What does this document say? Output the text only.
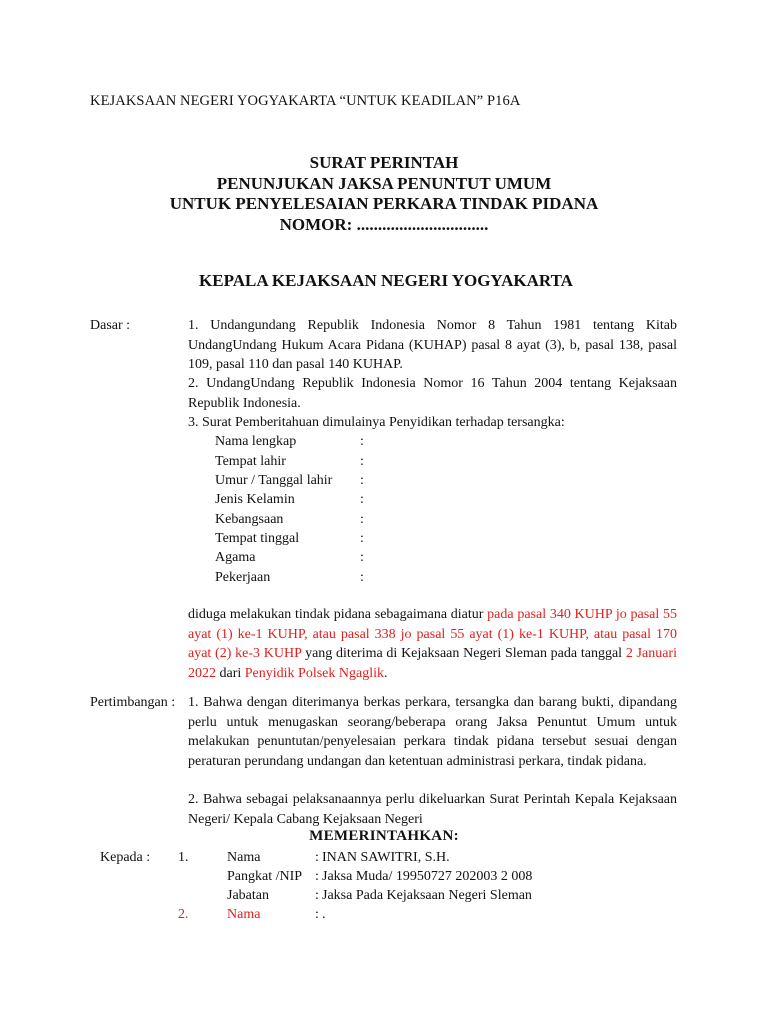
KEJAKSAAN NEGERI YOGYAKARTA “UNTUK KEADILAN” P16A
SURAT PERINTAH
PENUNJUKAN JAKSA PENUNTUT UMUM
UNTUK PENYELESAIAN PERKARA TINDAK PIDANA
NOMOR: ...............................
KEPALA KEJAKSAAN NEGERI YOGYAKARTA
Dasar :	1. Undangundang Republik Indonesia Nomor 8 Tahun 1981 tentang Kitab UndangUndang Hukum Acara Pidana (KUHAP) pasal 8 ayat (3), b, pasal 138, pasal 109, pasal 110 dan pasal 140 KUHAP.
2. UndangUndang Republik Indonesia Nomor 16 Tahun 2004 tentang Kejaksaan Republik Indonesia.
3. Surat Pemberitahuan dimulainya Penyidikan terhadap tersangka:
Nama lengkap	:
Tempat lahir	:
Umur / Tanggal lahir :
Jenis Kelamin	:
Kebangsaan	:
Tempat tinggal	:
Agama	:
Pekerjaan	:
diduga melakukan tindak pidana sebagaimana diatur pada pasal 340 KUHP jo pasal 55 ayat (1) ke-1 KUHP, atau pasal 338 jo pasal 55 ayat (1) ke-1 KUHP, atau pasal 170 ayat (2) ke-3 KUHP yang diterima di Kejaksaan Negeri Sleman pada tanggal 2 Januari 2022 dari Penyidik Polsek Ngaglik.
Pertimbangan : 1. Bahwa dengan diterimanya berkas perkara, tersangka dan barang bukti, dipandang perlu untuk menugaskan seorang/beberapa orang Jaksa Penuntut Umum untuk melakukan penuntutan/penyelesaian perkara tindak pidana tersebut sesuai dengan peraturan perundang undangan dan ketentuan administrasi perkara, tindak pidana.
2. Bahwa sebagai pelaksanaannya perlu dikeluarkan Surat Perintah Kepala Kejaksaan Negeri/ Kepala Cabang Kejaksaan Negeri
MEMERINTAHKAN:
Kepada : 1.	Nama	: INAN SAWITRI, S.H.
Pangkat /NIP : Jaksa Muda/ 19950727 202003 2 008
Jabatan	: Jaksa Pada Kejaksaan Negeri Sleman
2.	Nama	: .
